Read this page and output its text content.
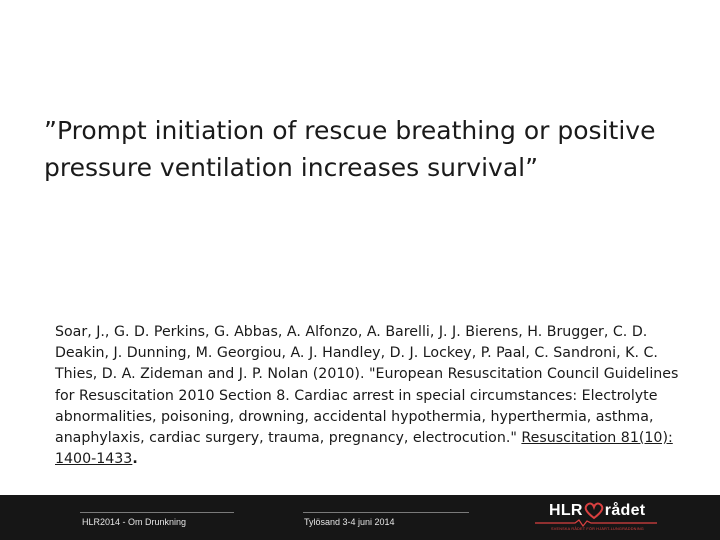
”Prompt initiation of rescue breathing or positive pressure ventilation increases survival”

Soar, J., G. D. Perkins, G. Abbas, A. Alfonzo, A. Barelli, J. J. Bierens, H. Brugger, C. D. Deakin, J. Dunning, M. Georgiou, A. J. Handley, D. J. Lockey, P. Paal, C. Sandroni, K. C. Thies, D. A. Zideman and J. P. Nolan (2010). "European Resuscitation Council Guidelines for Resuscitation 2010 Section 8. Cardiac arrest in special circumstances: Electrolyte abnormalities, poisoning, drowning, accidental hypothermia, hyperthermia, asthma, anaphylaxis, cardiac surgery, trauma, pregnancy, electrocution." Resuscitation 81(10): 1400-1433.

HLR2014 - Om Drunkning	Tylösand 3-4 juni 2014
HLR rådet
SVENSKA RÅDET FÖR HJÄRT-LUNGRÄDDNING
